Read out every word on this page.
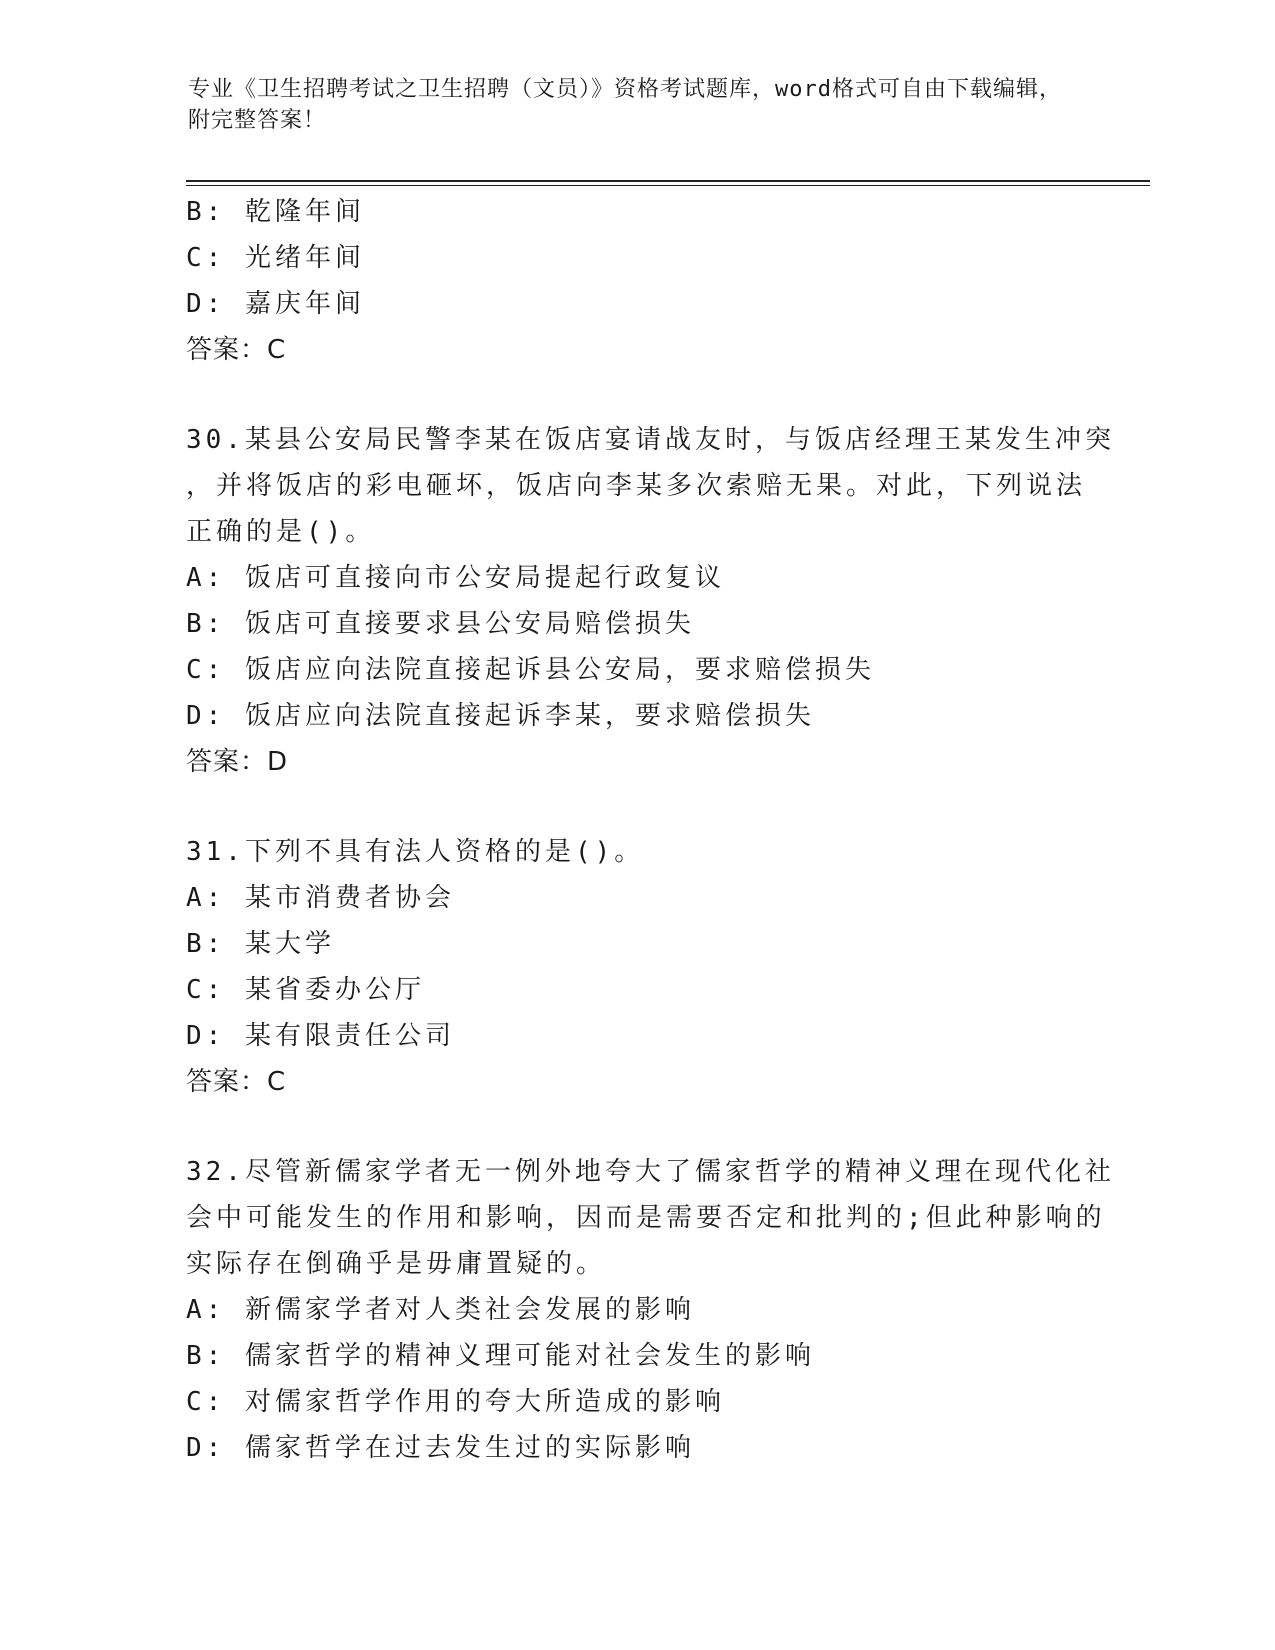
专业《卫生招聘考试之卫生招聘（文员）》资格考试题库，word格式可自由下载编辑，附完整答案！
B: 乾隆年间
C: 光绪年间
D: 嘉庆年间
答案：C
30.某县公安局民警李某在饭店宴请战友时，与饭店经理王某发生冲突
，并将饭店的彩电砸坏，饭店向李某多次索赔无果。对此，下列说法
正确的是()。
A: 饭店可直接向市公安局提起行政复议
B: 饭店可直接要求县公安局赔偿损失
C: 饭店应向法院直接起诉县公安局，要求赔偿损失
D: 饭店应向法院直接起诉李某，要求赔偿损失
答案：D
31.下列不具有法人资格的是()。
A: 某市消费者协会
B: 某大学
C: 某省委办公厅
D: 某有限责任公司
答案：C
32.尽管新儒家学者无一例外地夸大了儒家哲学的精神义理在现代化社
会中可能发生的作用和影响，因而是需要否定和批判的;但此种影响的
实际存在倒确乎是毋庸置疑的。
A: 新儒家学者对人类社会发展的影响
B: 儒家哲学的精神义理可能对社会发生的影响
C: 对儒家哲学作用的夸大所造成的影响
D: 儒家哲学在过去发生过的实际影响
